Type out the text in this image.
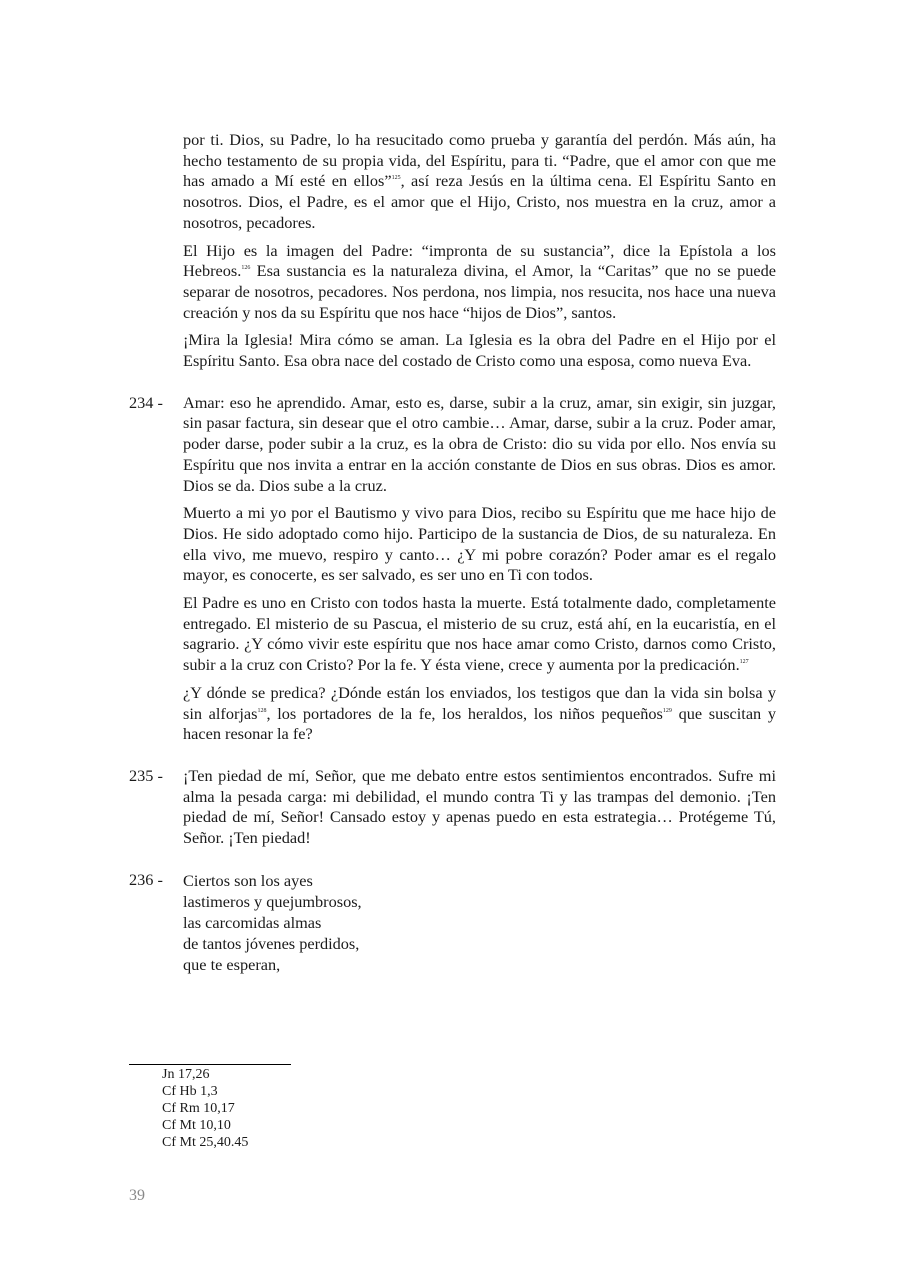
por ti. Dios, su Padre, lo ha resucitado como prueba y garantía del perdón. Más aún, ha hecho testamento de su propia vida, del Espíritu, para ti. “Padre, que el amor con que me has amado a Mí esté en ellos”$^{125}$, así reza Jesús en la última cena. El Espíritu Santo en nosotros. Dios, el Padre, es el amor que el Hijo, Cristo, nos muestra en la cruz, amor a nosotros, pecadores.

El Hijo es la imagen del Padre: “impronta de su sustancia”, dice la Epístola a los Hebreos.$^{126}$ Esa sustancia es la naturaleza divina, el Amor, la “Caritas” que no se puede separar de nosotros, pecadores. Nos perdona, nos limpia, nos resucita, nos hace una nueva creación y nos da su Espíritu que nos hace “hijos de Dios”, santos.

¡Mira la Iglesia! Mira cómo se aman. La Iglesia es la obra del Padre en el Hijo por el Espíritu Santo. Esa obra nace del costado de Cristo como una esposa, como nueva Eva.

234 -	Amar: eso he aprendido. Amar, esto es, darse, subir a la cruz, amar, sin exigir, sin juzgar, sin pasar factura, sin desear que el otro cambie… Amar, darse, subir a la cruz. Poder amar, poder darse, poder subir a la cruz, es la obra de Cristo: dio su vida por ello. Nos envía su Espíritu que nos invita a entrar en la acción constante de Dios en sus obras. Dios es amor. Dios se da. Dios sube a la cruz.

Muerto a mi yo por el Bautismo y vivo para Dios, recibo su Espíritu que me hace hijo de Dios. He sido adoptado como hijo. Participo de la sustancia de Dios, de su naturaleza. En ella vivo, me muevo, respiro y canto… ¿Y mi pobre corazón? Poder amar es el regalo mayor, es conocerte, es ser salvado, es ser uno en Ti con todos.

El Padre es uno en Cristo con todos hasta la muerte. Está totalmente dado, completamente entregado. El misterio de su Pascua, el misterio de su cruz, está ahí, en la eucaristía, en el sagrario. ¿Y cómo vivir este espíritu que nos hace amar como Cristo, darnos como Cristo, subir a la cruz con Cristo? Por la fe. Y ésta viene, crece y aumenta por la predicación.$^{127}$

¿Y dónde se predica? ¿Dónde están los enviados, los testigos que dan la vida sin bolsa y sin alforjas$^{128}$, los portadores de la fe, los heraldos, los niños pequeños$^{129}$ que suscitan y hacen resonar la fe?

235 -	¡Ten piedad de mí, Señor, que me debato entre estos sentimientos encontrados. Sufre mi alma la pesada carga: mi debilidad, el mundo contra Ti y las trampas del demonio. ¡Ten piedad de mí, Señor! Cansado estoy y apenas puedo en esta estrategia… Protégeme Tú, Señor. ¡Ten piedad!

236 -	Ciertos son los ayes
lastimeros y quejumbrosos,
las carcomidas almas
de tantos jóvenes perdidos,
que te esperan,
Jn 17,26
Cf Hb 1,3
Cf Rm 10,17
Cf Mt 10,10
Cf Mt 25,40.45
39
